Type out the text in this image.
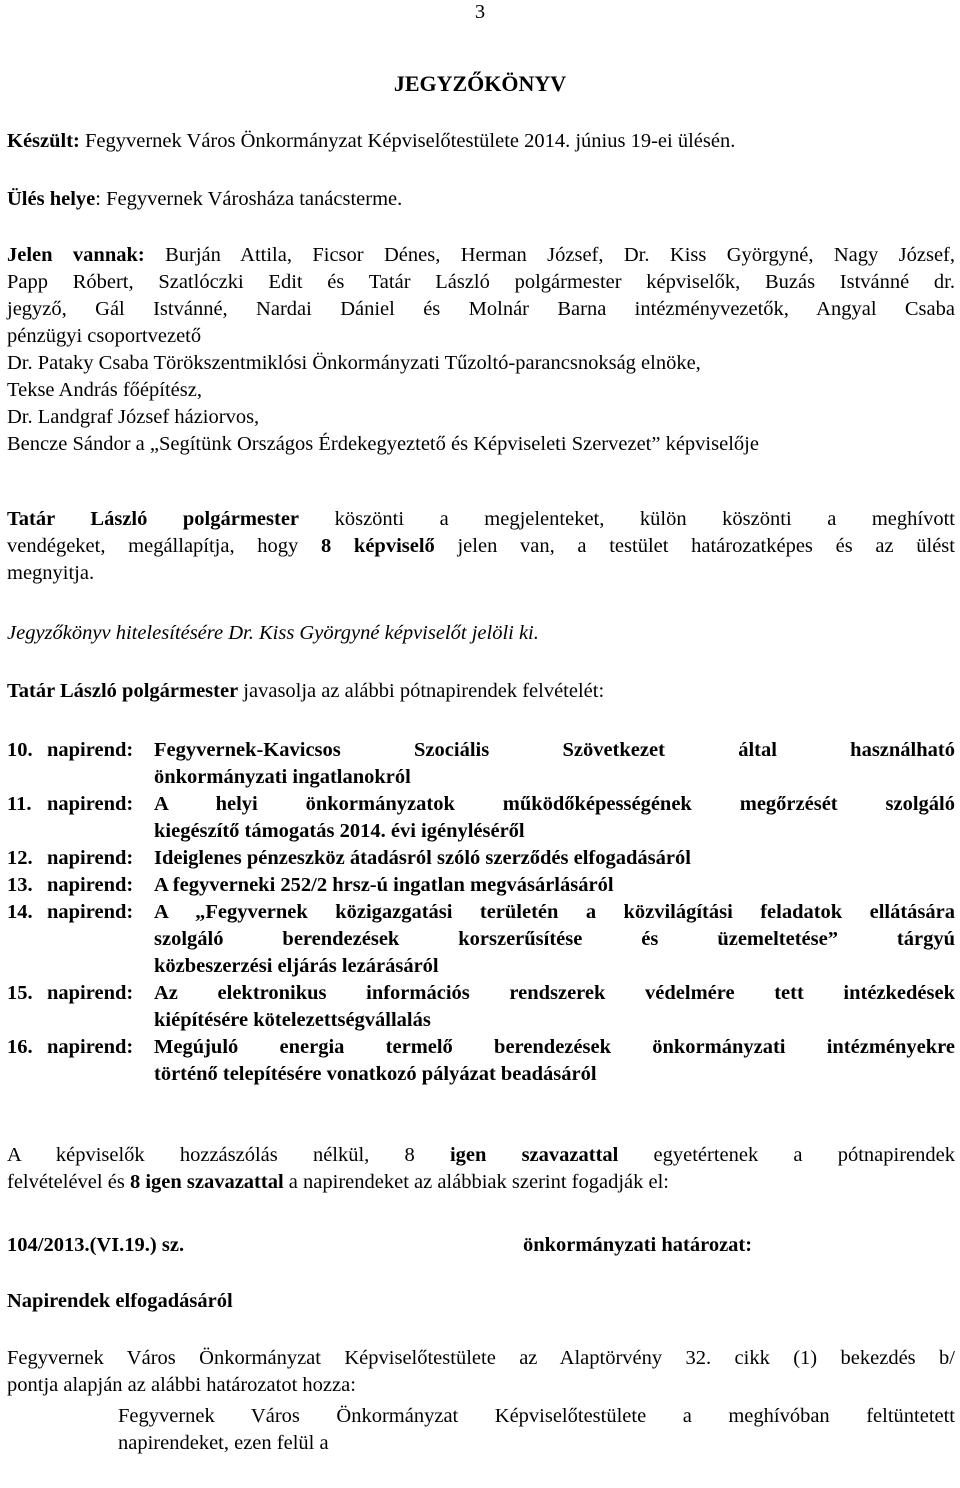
3
JEGYZŐKÖNYV
Készült: Fegyvernek Város Önkormányzat Képviselőtestülete 2014. június 19-ei ülésén.
Ülés helye: Fegyvernek Városháza tanácsterme.
Jelen vannak: Burján Attila, Ficsor Dénes, Herman József, Dr. Kiss Györgyné, Nagy József,
Papp Róbert, Szatlóczki Edit és Tatár László polgármester képviselők, Buzás Istvánné dr.
jegyző, Gál Istvánné, Nardai Dániel és Molnár Barna intézményvezetők, Angyal Csaba
pénzügyi csoportvezető
Dr. Pataky Csaba Törökszentmiklósi Önkormányzati Tűzoltó-parancsnokság elnöke,
Tekse András főépítész,
Dr. Landgraf József háziorvos,
Bencze Sándor a „Segítünk Országos Érdekegyeztető és Képviseleti Szervezet” képviselője
Tatár László polgármester köszönti a megjelenteket, külön köszönti a meghívott
vendégeket, megállapítja, hogy 8 képviselő jelen van, a testület határozatképes és az ülést
megnyitja.
Jegyzőkönyv hitelesítésére Dr. Kiss Györgyné képviselőt jelöli ki.
Tatár László polgármester javasolja az alábbi pótnapirendek felvételét:
10. napirend:	Fegyvernek-Kavicsos Szociális Szövetkezet által használható
önkormányzati ingatlanokról
11. napirend:	A helyi önkormányzatok működőképességének megőrzését szolgáló
kiegészítő támogatás 2014. évi igényléséről
12. napirend:	Ideiglenes pénzeszköz átadásról szóló szerződés elfogadásáról
13. napirend:	A fegyverneki 252/2 hrsz-ú ingatlan megvásárlásáról
14. napirend:	A „Fegyvernek közigazgatási területén a közvilágítási feladatok ellátására
szolgáló berendezések korszerűsítése és üzemeltetése” tárgyú
közbeszerzési eljárás lezárásáról
15. napirend:	Az elektronikus információs rendszerek védelmére tett intézkedések
kiépítésére kötelezettségvállalás
16. napirend:	Megújuló energia termelő berendezések önkormányzati intézményekre
történő telepítésére vonatkozó pályázat beadásáról
A képviselők hozzászólás nélkül, 8 igen szavazattal egyetértenek a pótnapirendek
felvételével és 8 igen szavazattal a napirendeket az alábbiak szerint fogadják el:
104/2013.(VI.19.) sz.	önkormányzati határozat:
Napirendek elfogadásáról
Fegyvernek Város Önkormányzat Képviselőtestülete az Alaptörvény 32. cikk (1) bekezdés b/
pontja alapján az alábbi határozatot hozza:
Fegyvernek Város Önkormányzat Képviselőtestülete a meghívóban feltüntetett
napirendeket, ezen felül a
